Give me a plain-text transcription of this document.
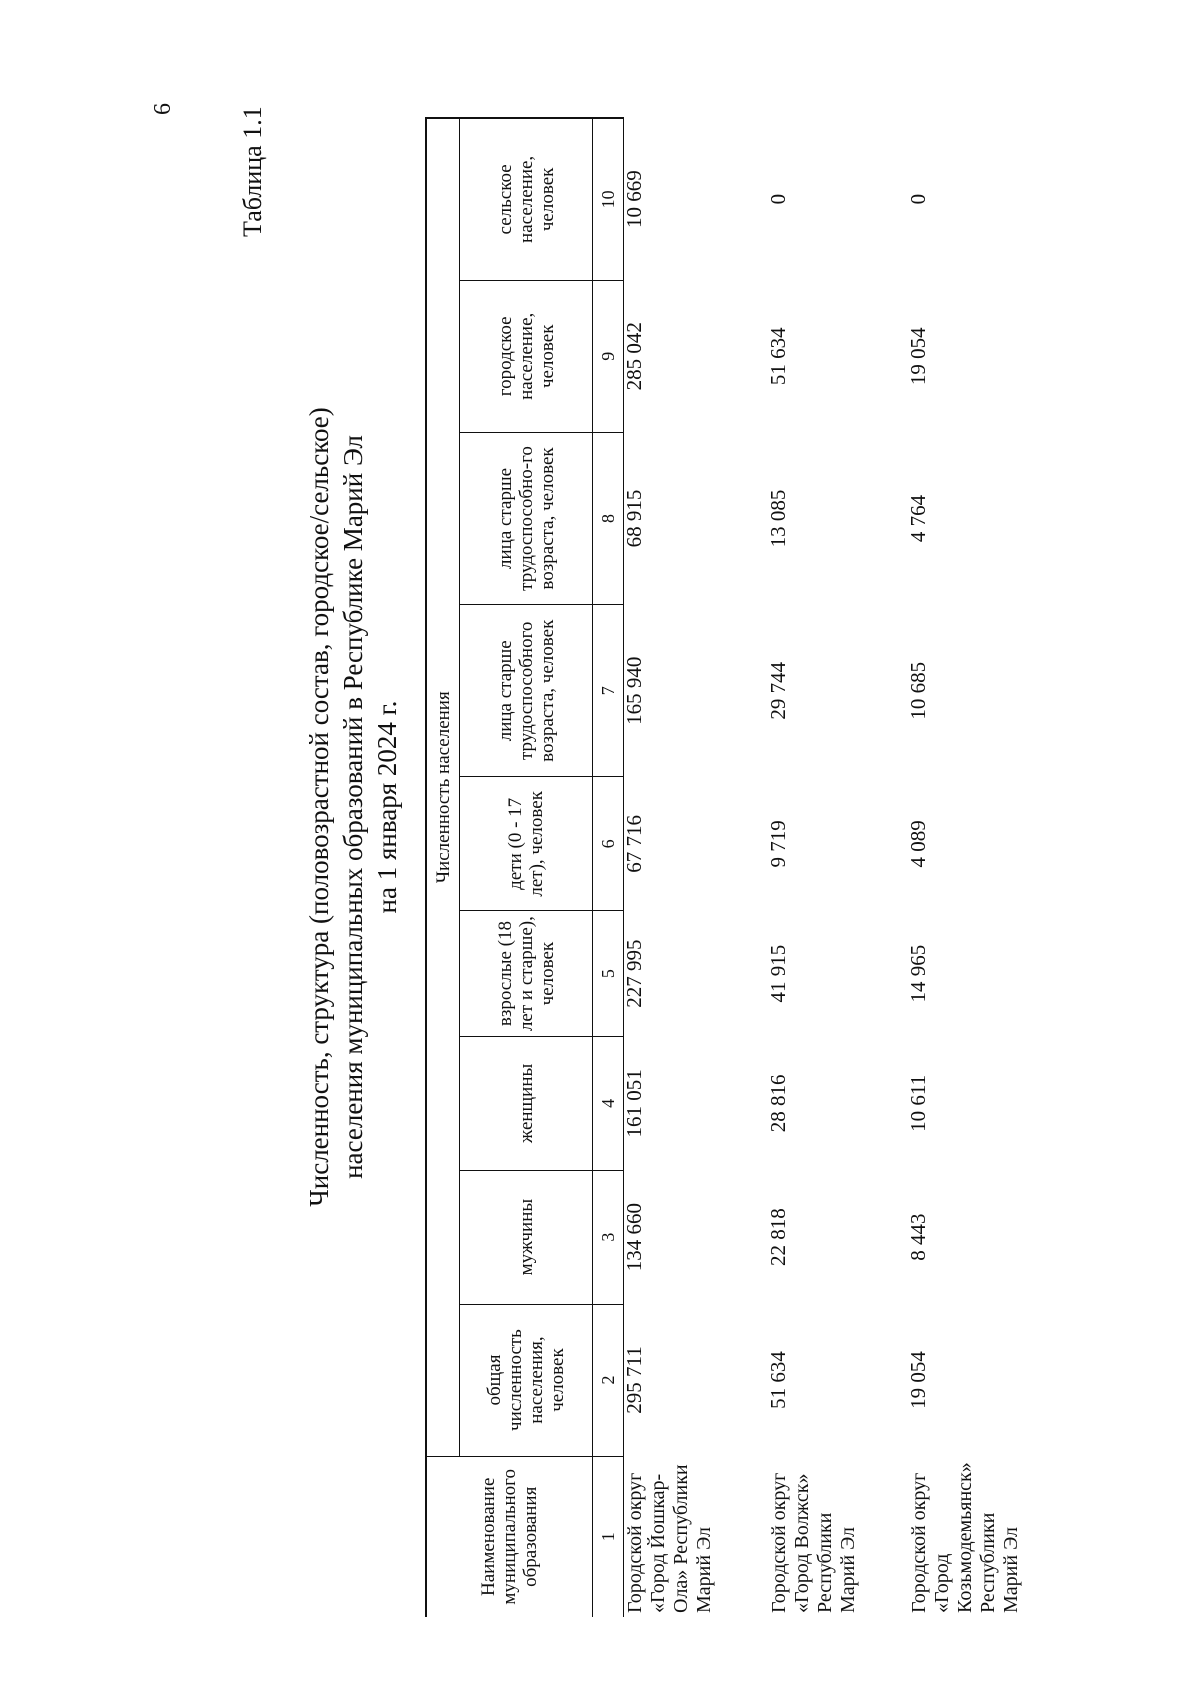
6 Таблица 1.1
Численность, структура (половозрастной состав, городское/сельское) населения муниципальных образований в Республике Марий Эл на 1 января 2024 г.
Наименование муниципального образования	Численность населения								
	общая численность населения, человек	мужчины	женщины	взрослые (18 лет и старше), человек	дети (0 - 17 лет), человек	лица старше трудоспособного возраста, человек	лица старше трудоспособно-го возраста, человек	городское население, человек	сельское население, человек
1	2	3	4	5	6	7	8	9	10
Городской округ «Город Йошкар-Ола» Республики Марий Эл	295 711	134 660	161 051	227 995	67 716	165 940	68 915	285 042	10 669
Городской округ «Город Волжск» Республики Марий Эл	51 634	22 818	28 816	41 915	9 719	29 744	13 085	51 634	0
Городской округ «Город Козьмодемьянск» Республики Марий Эл	19 054	8 443	10 611	14 965	4 089	10 685	4 764	19 054	0
